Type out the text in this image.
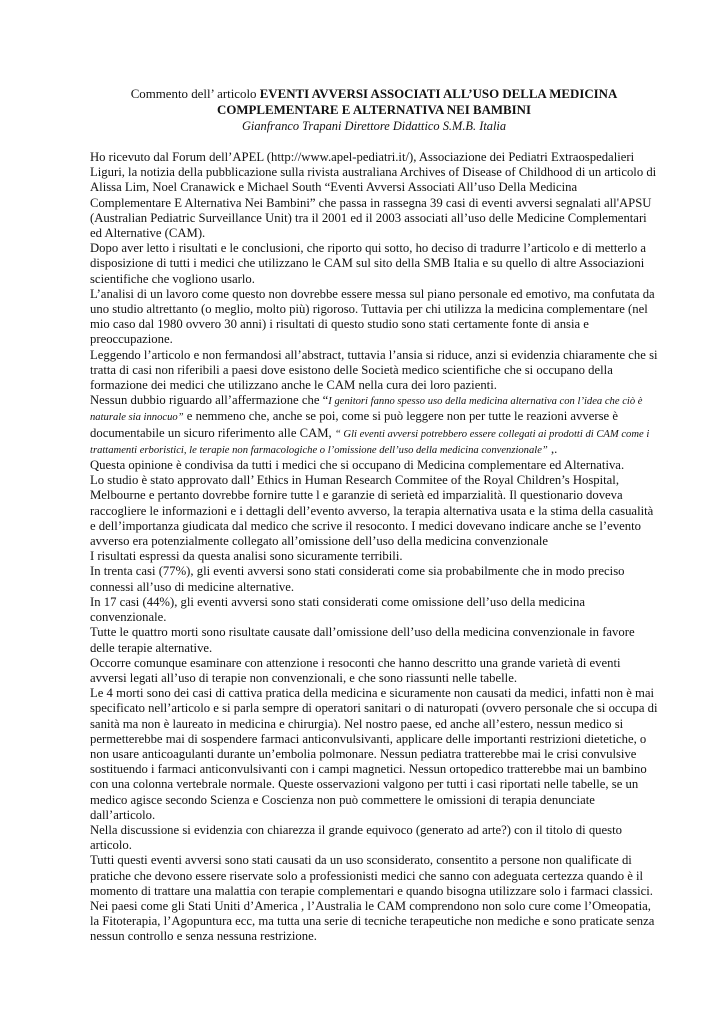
Commento dell’ articolo EVENTI AVVERSI ASSOCIATI ALL’USO DELLA MEDICINA
COMPLEMENTARE E ALTERNATIVA NEI BAMBINI
Gianfranco Trapani Direttore Didattico S.M.B. Italia

Ho ricevuto dal Forum dell’APEL (http://www.apel-pediatri.it/), Associazione dei Pediatri Extraospedalieri Liguri, la notizia della pubblicazione sulla rivista australiana Archives of Disease of Childhood di un articolo di Alissa Lim, Noel Cranawick e Michael South “Eventi Avversi Associati All’uso Della Medicina Complementare E Alternativa Nei Bambini” che passa in rassegna 39 casi di eventi avversi segnalati all'APSU (Australian Pediatric Surveillance Unit) tra il 2001 ed il 2003 associati all’uso delle Medicine Complementari ed Alternative (CAM).

Dopo aver letto i risultati e le conclusioni, che riporto qui sotto, ho deciso di tradurre l’articolo e di metterlo a disposizione di tutti i medici che utilizzano le CAM sul sito della SMB Italia e su quello di altre Associazioni scientifiche che vogliono usarlo.

L’analisi di un lavoro come questo non dovrebbe essere messa sul piano personale ed emotivo, ma confutata da uno studio altrettanto (o meglio, molto più) rigoroso. Tuttavia per chi utilizza la medicina complementare (nel mio caso dal 1980 ovvero 30 anni) i risultati di questo studio sono stati certamente fonte di ansia e preoccupazione.

Leggendo l’articolo e non fermandosi all’abstract, tuttavia l’ansia si riduce, anzi si evidenzia chiaramente che si tratta di casi non riferibili a paesi dove esistono delle Società medico scientifiche che si occupano della formazione dei medici che utilizzano anche le CAM nella cura dei loro pazienti.

Nessun dubbio riguardo all’affermazione che “I genitori fanno spesso uso della medicina alternativa con l’idea che ciò è naturale sia innocuo” e nemmeno che, anche se poi, come si può leggere non per tutte le reazioni avverse è documentabile un sicuro riferimento alle CAM, “ Gli eventi avversi potrebbero essere collegati ai prodotti di CAM come i trattamenti erboristici, le terapie non farmacologiche o l’omissione dell’uso della medicina convenzionale” ,.

Questa opinione è condivisa da tutti i medici che si occupano di Medicina complementare ed Alternativa.

Lo studio è stato approvato dall’ Ethics in Human Research Commitee of the Royal Children’s Hospital, Melbourne e pertanto dovrebbe fornire tutte l e garanzie di serietà ed imparzialità. Il questionario doveva raccogliere le informazioni e i dettagli dell’evento avverso, la terapia alternativa usata e la stima della casualità e dell’importanza giudicata dal medico che scrive il resoconto. I medici dovevano indicare anche se l’evento avverso era potenzialmente collegato all’omissione dell’uso della medicina convenzionale

I risultati espressi da questa analisi sono sicuramente terribili.

In trenta casi (77%), gli eventi avversi sono stati considerati come sia probabilmente che in modo preciso connessi all’uso di medicine alternative.

In 17 casi (44%), gli eventi avversi sono stati considerati come omissione dell’uso della medicina convenzionale.

Tutte le quattro morti sono risultate causate dall’omissione dell’uso della medicina convenzionale in favore delle terapie alternative.

Occorre comunque esaminare con attenzione i resoconti che hanno descritto una grande varietà di eventi avversi legati all’uso di terapie non convenzionali, e che sono riassunti nelle tabelle.

Le 4 morti sono dei casi di cattiva pratica della medicina e sicuramente non causati da medici, infatti non è mai specificato nell’articolo e si parla sempre di operatori sanitari o di naturopati (ovvero personale che si occupa di sanità ma non è laureato in medicina e chirurgia). Nel nostro paese, ed anche all’estero, nessun medico si permetterebbe mai di sospendere farmaci anticonvulsivanti, applicare delle importanti restrizioni dietetiche, o non usare anticoagulanti durante un’embolia polmonare. Nessun pediatra tratterebbe mai le crisi convulsive sostituendo i farmaci anticonvulsivanti con i campi magnetici. Nessun ortopedico tratterebbe mai un bambino con una colonna vertebrale normale. Queste osservazioni valgono per tutti i casi riportati nelle tabelle, se un medico agisce secondo Scienza e Coscienza non può commettere le omissioni di terapia denunciate dall’articolo.

Nella discussione si evidenzia con chiarezza il grande equivoco (generato ad arte?) con il titolo di questo articolo.

Tutti questi eventi avversi sono stati causati da un uso sconsiderato, consentito a persone non qualificate di pratiche che devono essere riservate solo a professionisti medici che sanno con adeguata certezza quando è il momento di trattare una malattia con terapie complementari e quando bisogna utilizzare solo i farmaci classici. Nei paesi come gli Stati Uniti d’America , l’Australia le CAM comprendono non solo cure come l’Omeopatia, la Fitoterapia, l’Agopuntura ecc, ma tutta una serie di tecniche terapeutiche non mediche e sono praticate senza nessun controllo e senza nessuna restrizione.
